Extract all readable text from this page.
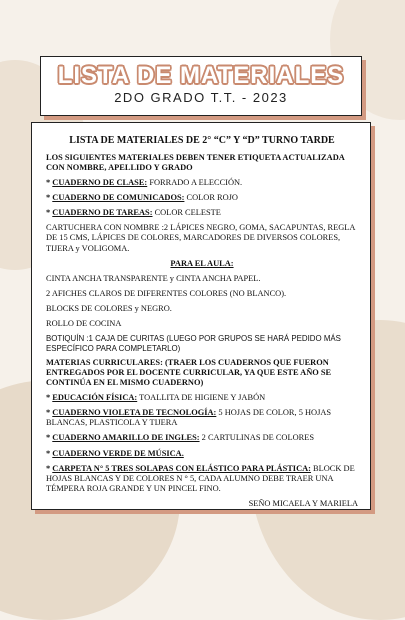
LISTA DE MATERIALES
2DO GRADO T.T. - 2023

LISTA DE MATERIALES DE 2° “C” Y “D” TURNO TARDE

LOS SIGUIENTES MATERIALES DEBEN TENER ETIQUETA ACTUALIZADA CON NOMBRE, APELLIDO Y GRADO

* CUADERNO DE CLASE: FORRADO A ELECCIÓN.

* CUADERNO DE COMUNICADOS: COLOR ROJO

* CUADERNO DE TAREAS: COLOR CELESTE

CARTUCHERA CON NOMBRE :2 LÁPICES NEGRO, GOMA, SACAPUNTAS, REGLA DE 15 CMS, LÁPICES DE COLORES, MARCADORES DE DIVERSOS COLORES, TIJERA y VOLIGOMA.

PARA EL AULA:

CINTA ANCHA TRANSPARENTE y CINTA ANCHA PAPEL.

2 AFICHES CLAROS DE DIFERENTES COLORES (NO BLANCO).

BLOCKS DE COLORES y NEGRO.

ROLLO DE COCINA

BOTIQUÍN :1 CAJA DE CURITAS (LUEGO POR GRUPOS SE HARÁ PEDIDO MÁS ESPECÍFICO PARA COMPLETARLO)

MATERIAS CURRICULARES: (TRAER LOS CUADERNOS QUE FUERON ENTREGADOS POR EL DOCENTE CURRICULAR, YA QUE ESTE AÑO SE CONTINÚA EN EL MISMO CUADERNO)

* EDUCACIÓN FÍSICA: TOALLITA DE HIGIENE Y JABÓN

* CUADERNO VIOLETA DE TECNOLOGÍA: 5 HOJAS DE COLOR, 5 HOJAS BLANCAS, PLASTICOLA Y TIJERA

* CUADERNO AMARILLO DE INGLES: 2 CARTULINAS DE COLORES

* CUADERNO VERDE DE MÚSICA.

* CARPETA N° 5 TRES SOLAPAS CON ELÁSTICO PARA PLÁSTICA: BLOCK DE HOJAS BLANCAS Y DE COLORES N ° 5, CADA ALUMNO DEBE TRAER UNA TÉMPERA ROJA GRANDE Y UN PINCEL FINO.

SEÑO MICAELA Y MARIELA
